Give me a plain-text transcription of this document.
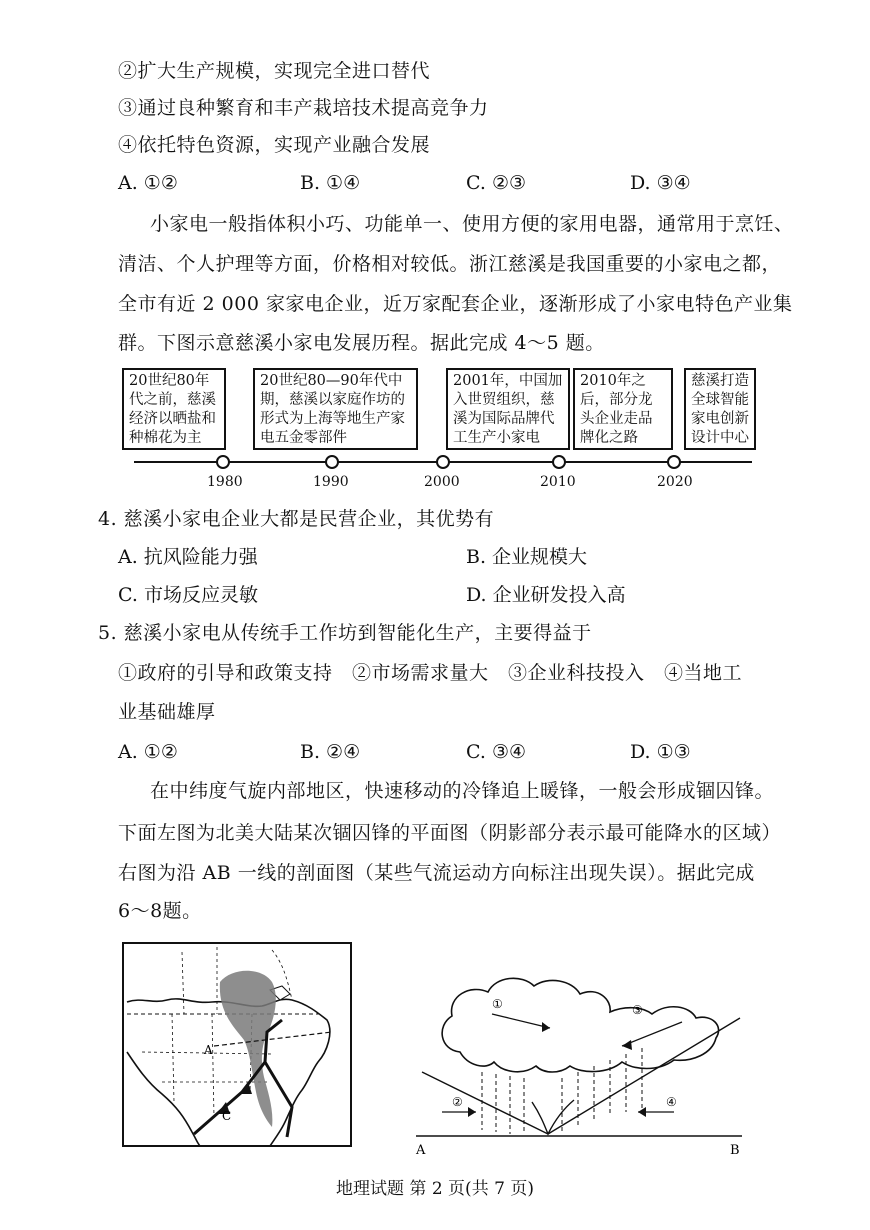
②扩大生产规模，实现完全进口替代
③通过良种繁育和丰产栽培技术提高竞争力
④依托特色资源，实现产业融合发展
A. ①②	B. ①④	C. ②③	D. ③④
小家电一般指体积小巧、功能单一、使用方便的家用电器，通常用于烹饪、
清洁、个人护理等方面，价格相对较低。浙江慈溪是我国重要的小家电之都，
全市有近 2 000 家家电企业，近万家配套企业，逐渐形成了小家电特色产业集
群。下图示意慈溪小家电发展历程。据此完成 4～5 题。
20世纪80年代之前，慈溪经济以晒盐和种棉花为主
20世纪80—90年代中期，慈溪以家庭作坊的形式为上海等地生产家电五金零部件
2001年，中国加入世贸组织，慈溪为国际品牌代工生产小家电
2010年之后，部分龙头企业走品牌化之路
慈溪打造全球智能家电创新设计中心
1980	1990	2000	2010	2020
4. 慈溪小家电企业大都是民营企业，其优势有
A. 抗风险能力强	B. 企业规模大
C. 市场反应灵敏	D. 企业研发投入高
5. 慈溪小家电从传统手工作坊到智能化生产，主要得益于
①政府的引导和政策支持　②市场需求量大　③企业科技投入　④当地工
业基础雄厚
A. ①②	B. ②④	C. ③④	D. ①③
在中纬度气旋内部地区，快速移动的冷锋追上暖锋，一般会形成锢囚锋。
下面左图为北美大陆某次锢囚锋的平面图（阴影部分表示最可能降水的区域）
右图为沿 AB 一线的剖面图（某些气流运动方向标注出现失误）。据此完成
6～8题。
A
C
①	③
②	④
A	B
地理试题 第 2 页(共 7 页)
